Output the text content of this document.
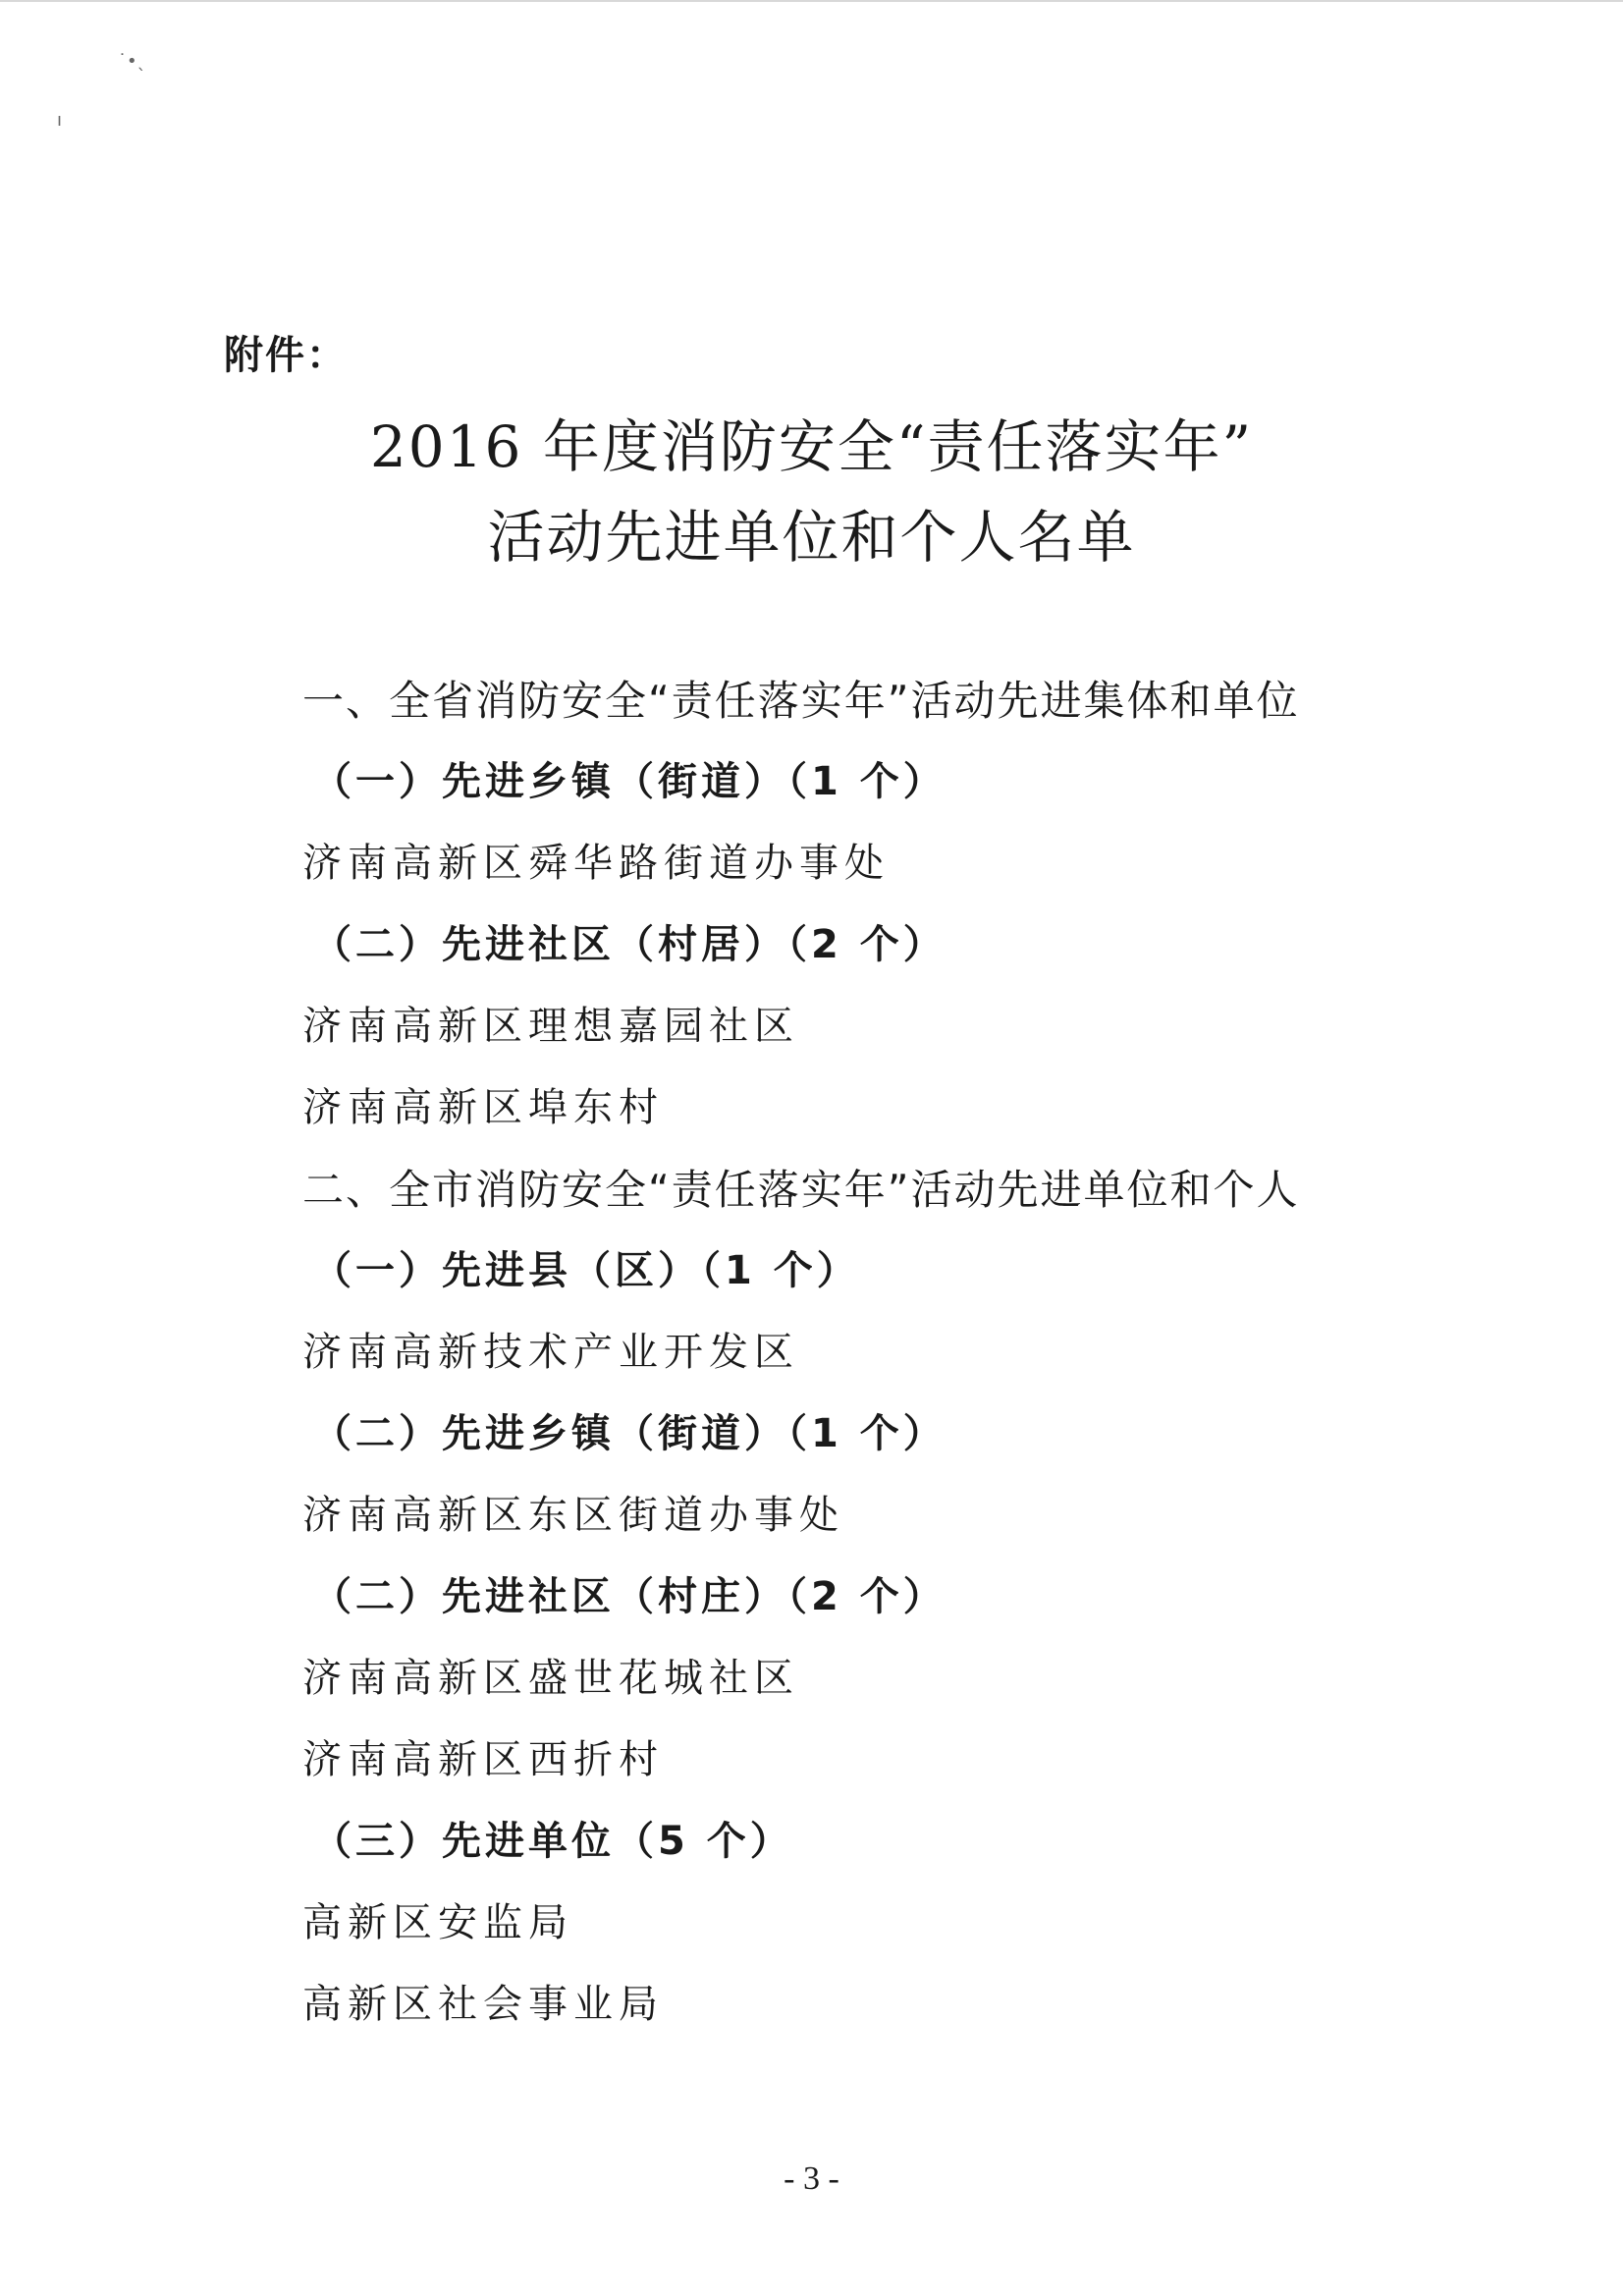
˙•ˎ
ı
附件：
2016 年度消防安全“责任落实年”
活动先进单位和个人名单
一、全省消防安全“责任落实年”活动先进集体和单位
（一）先进乡镇（街道）（1 个）
济南高新区舜华路街道办事处
（二）先进社区（村居）（2 个）
济南高新区理想嘉园社区
济南高新区埠东村
二、全市消防安全“责任落实年”活动先进单位和个人
（一）先进县（区）（1 个）
济南高新技术产业开发区
（二）先进乡镇（街道）（1 个）
济南高新区东区街道办事处
（二）先进社区（村庄）（2 个）
济南高新区盛世花城社区
济南高新区西折村
（三）先进单位（5 个）
高新区安监局
高新区社会事业局
- 3 -
